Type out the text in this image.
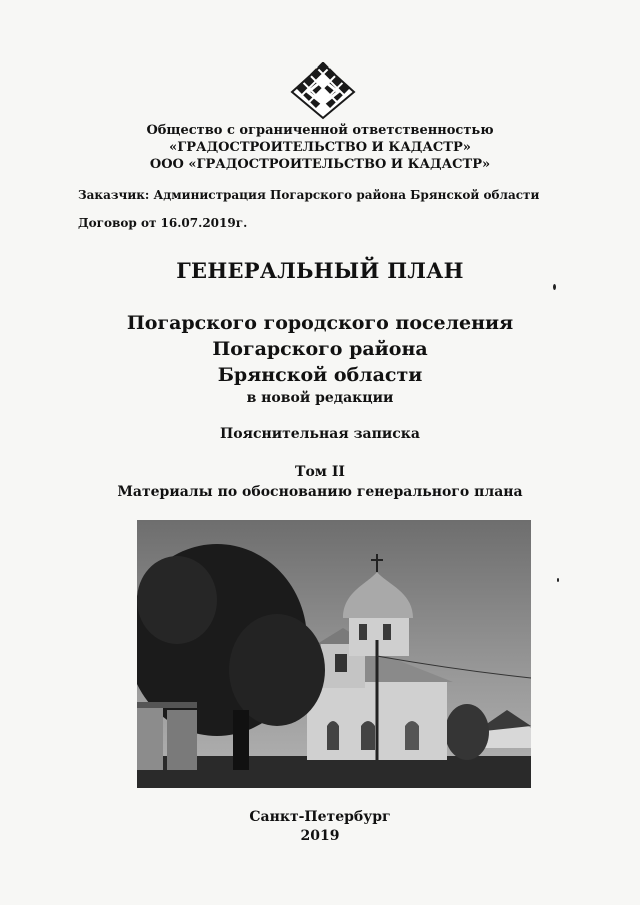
Общество с ограниченной ответственностью
«ГРАДОСТРОИТЕЛЬСТВО И КАДАСТР»
ООО «ГРАДОСТРОИТЕЛЬСТВО И КАДАСТР»
Заказчик: Администрация Погарского района Брянской области
Договор от 16.07.2019г.
ГЕНЕРАЛЬНЫЙ ПЛАН
Погарского городского поселения
Погарского района
Брянской области
в новой редакции
Пояснительная записка
Том II
Материалы по обоснованию генерального плана
Санкт-Петербург
2019
